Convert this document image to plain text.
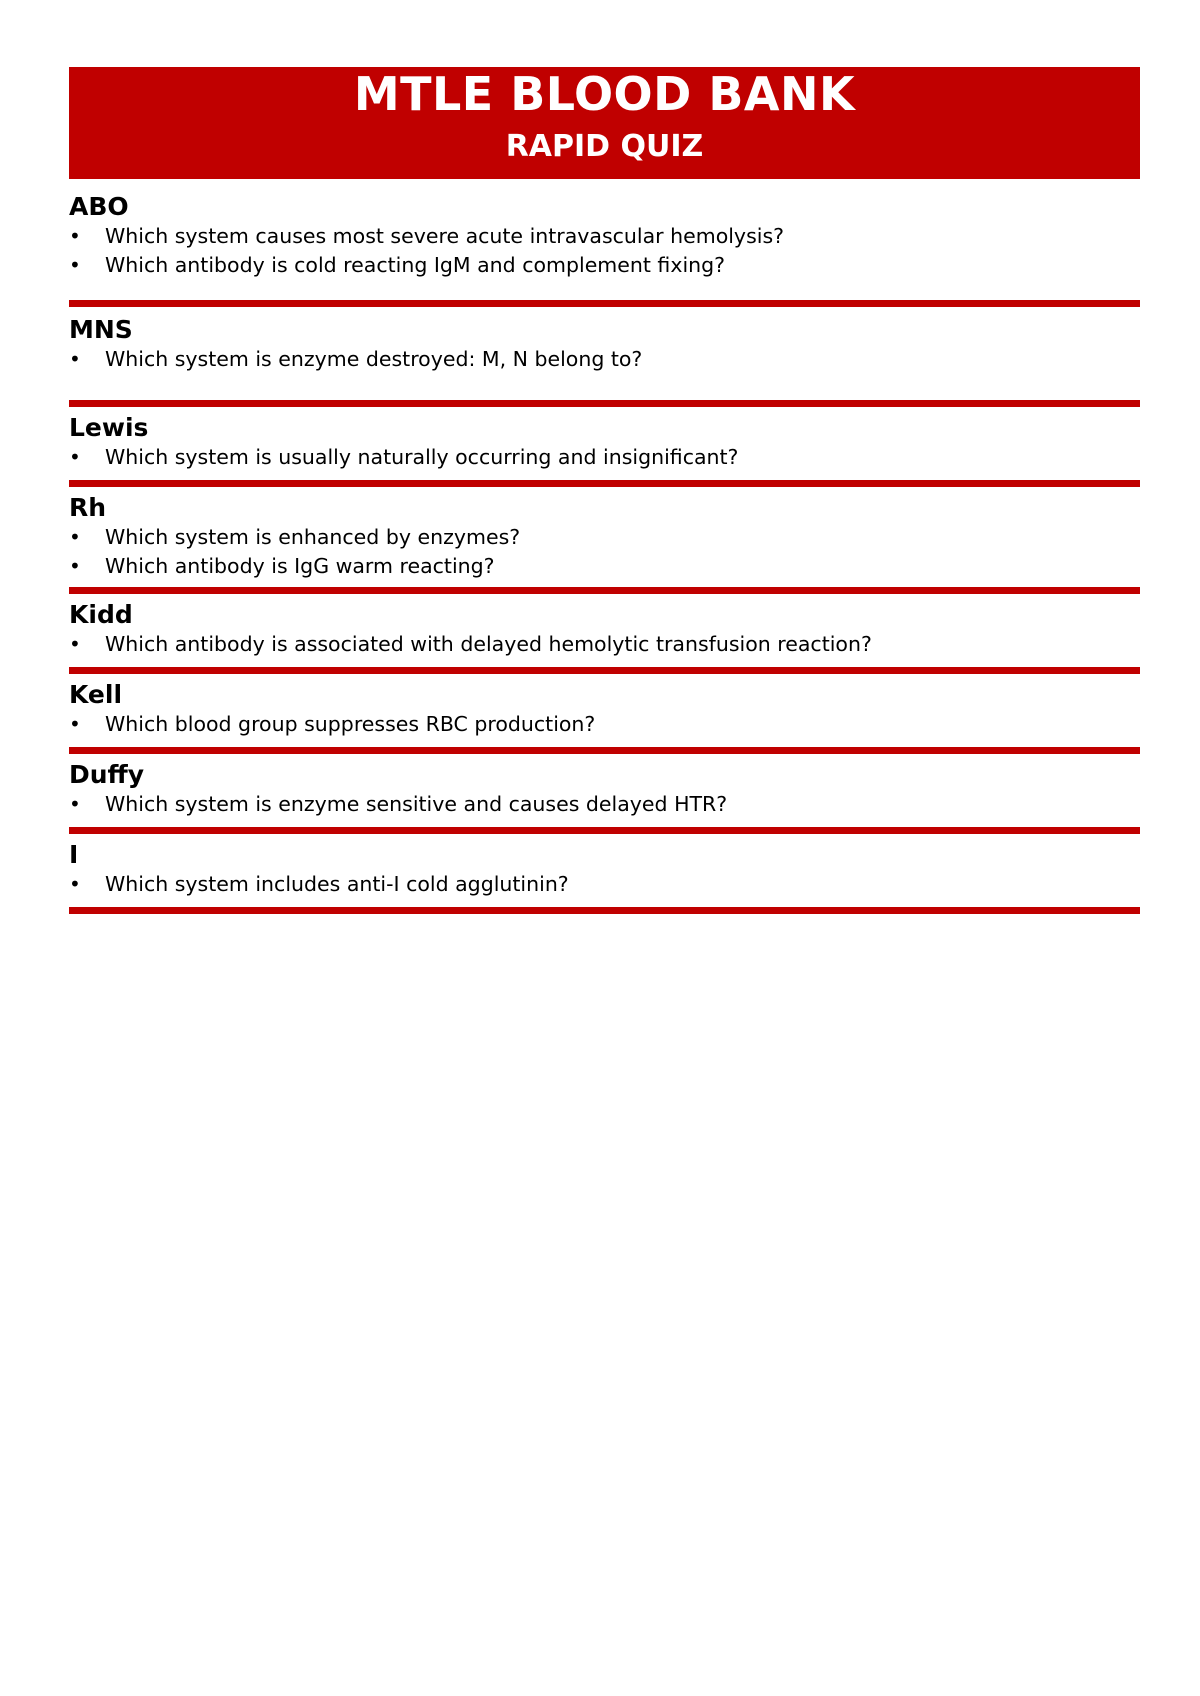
MTLE BLOOD BANK
RAPID QUIZ
ABO
•	Which system causes most severe acute intravascular hemolysis?
•	Which antibody is cold reacting IgM and complement fixing?
MNS
•	Which system is enzyme destroyed: M, N belong to?
Lewis
•	Which system is usually naturally occurring and insignificant?
Rh
•	Which system is enhanced by enzymes?
•	Which antibody is IgG warm reacting?
Kidd
•	Which antibody is associated with delayed hemolytic transfusion reaction?
Kell
•	Which blood group suppresses RBC production?
Duffy
•	Which system is enzyme sensitive and causes delayed HTR?
I
•	Which system includes anti-I cold agglutinin?
